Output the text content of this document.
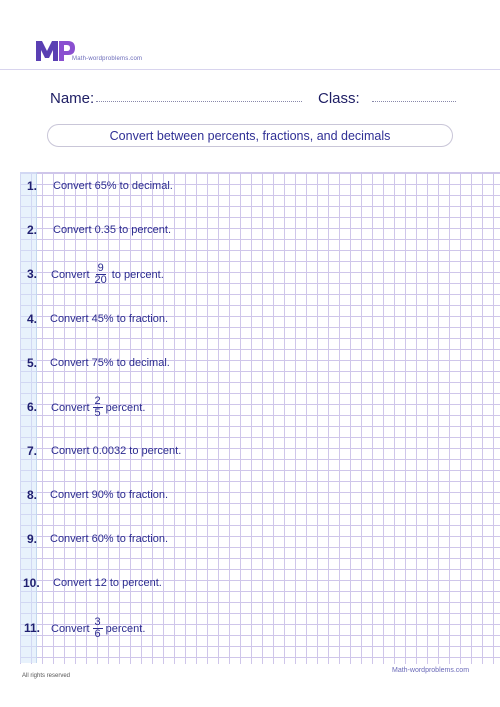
Math-wordproblems.com
Name:	Class:
Convert between percents, fractions, and decimals
1. Convert 65% to decimal.
2. Convert 0.35 to percent.
3. Convert $\frac{9}{20}$ to percent.
4. Convert 45% to fraction.
5. Convert 75% to decimal.
6. Convert $\frac{2}{5}$ percent.
7. Convert 0.0032 to percent.
8. Convert 90% to fraction.
9. Convert 60% to fraction.
10. Convert 12 to percent.
11. Convert $\frac{3}{6}$ percent.
All rights reserved
Math-wordproblems.com
